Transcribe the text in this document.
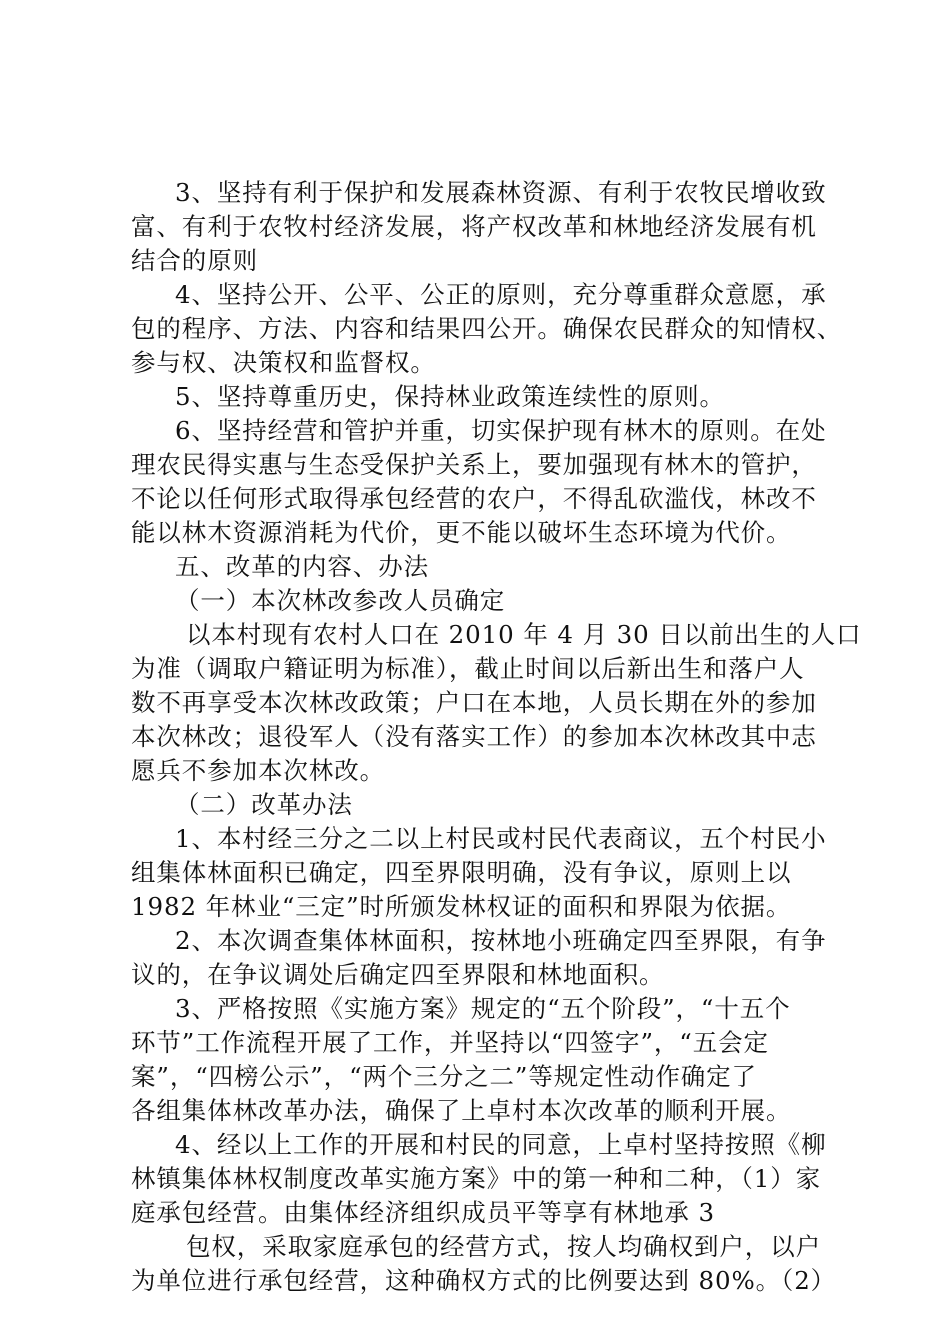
3、坚持有利于保护和发展森林资源、有利于农牧民增收致
富、有利于农牧村经济发展，将产权改革和林地经济发展有机
结合的原则
4、坚持公开、公平、公正的原则，充分尊重群众意愿，承
包的程序、方法、内容和结果四公开。确保农民群众的知情权、
参与权、决策权和监督权。
5、坚持尊重历史，保持林业政策连续性的原则。
6、坚持经营和管护并重，切实保护现有林木的原则。在处
理农民得实惠与生态受保护关系上，要加强现有林木的管护，
不论以任何形式取得承包经营的农户，不得乱砍滥伐，林改不
能以林木资源消耗为代价，更不能以破坏生态环境为代价。
五、改革的内容、办法
（一）本次林改参改人员确定
以本村现有农村人口在 2010 年 4 月 30 日以前出生的人口
为准（调取户籍证明为标准），截止时间以后新出生和落户人
数不再享受本次林改政策；户口在本地，人员长期在外的参加
本次林改；退役军人（没有落实工作）的参加本次林改其中志
愿兵不参加本次林改。
（二）改革办法
1、本村经三分之二以上村民或村民代表商议，五个村民小
组集体林面积已确定，四至界限明确，没有争议，原则上以
1982 年林业“三定”时所颁发林权证的面积和界限为依据。
2、本次调查集体林面积，按林地小班确定四至界限，有争
议的，在争议调处后确定四至界限和林地面积。
3、严格按照《实施方案》规定的“五个阶段”，“十五个
环节”工作流程开展了工作，并坚持以“四签字”，“五会定
案”，“四榜公示”，“两个三分之二”等规定性动作确定了
各组集体林改革办法，确保了上卓村本次改革的顺利开展。
4、经以上工作的开展和村民的同意，上卓村坚持按照《柳
林镇集体林权制度改革实施方案》中的第一种和二种，（1）家
庭承包经营。由集体经济组织成员平等享有林地承 3
包权，采取家庭承包的经营方式，按人均确权到户，以户
为单位进行承包经营，这种确权方式的比例要达到 80%。（2）
